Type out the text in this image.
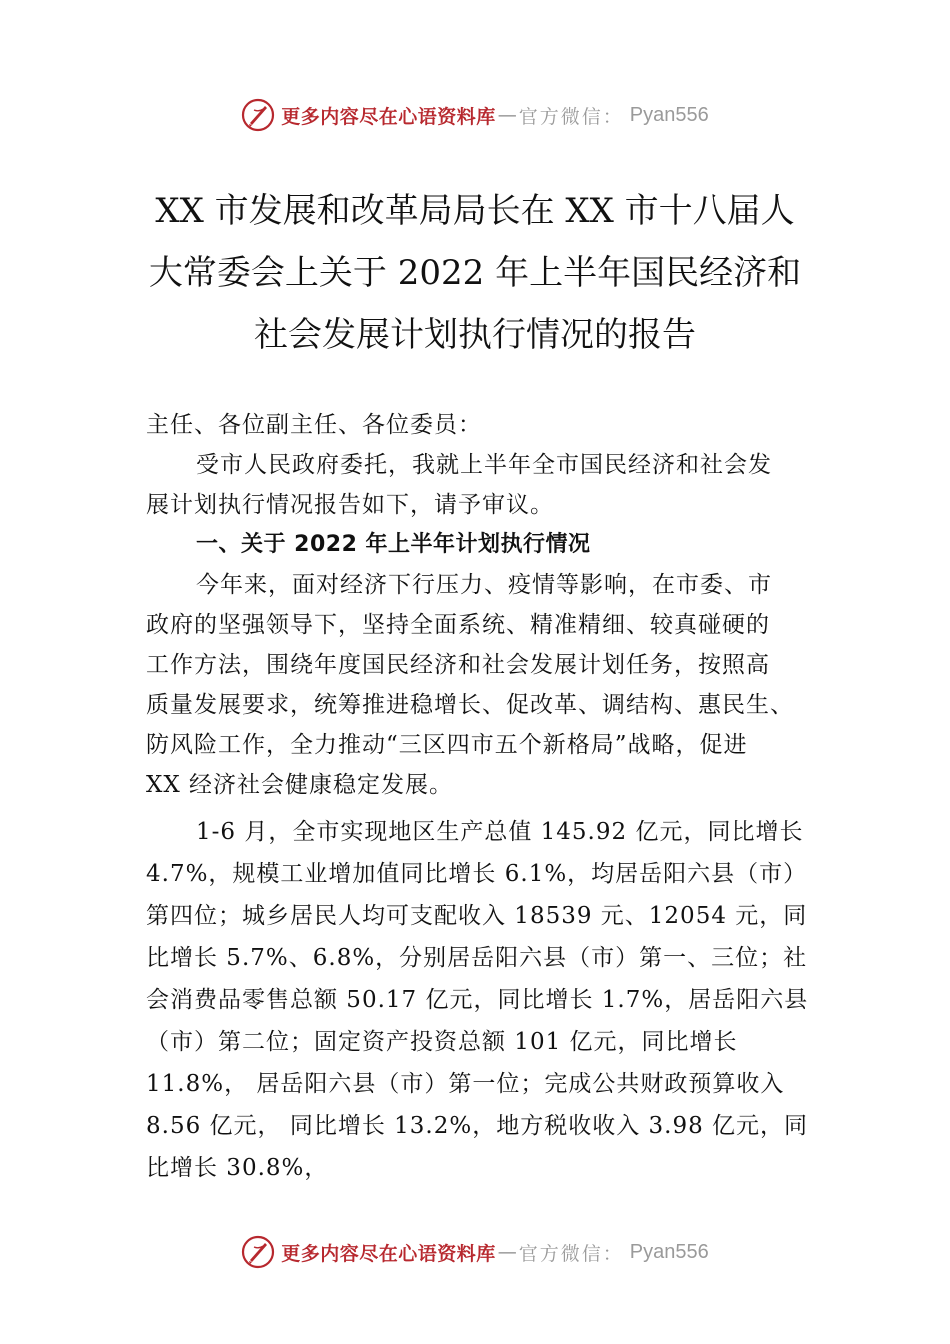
更多内容尽在心语资料库 — 官方微信： Pyan556
XX 市发展和改革局局长在 XX 市十八届人
大常委会上关于 2022 年上半年国民经济和
社会发展计划执行情况的报告
主任、各位副主任、各位委员：
受市人民政府委托，我就上半年全市国民经济和社会发
展计划执行情况报告如下，请予审议。
一、关于 2022 年上半年计划执行情况
今年来，面对经济下行压力、疫情等影响，在市委、市
政府的坚强领导下，坚持全面系统、精准精细、较真碰硬的
工作方法，围绕年度国民经济和社会发展计划任务，按照高
质量发展要求，统筹推进稳增长、促改革、调结构、惠民生、
防风险工作，全力推动“三区四市五个新格局”战略，促进
XX 经济社会健康稳定发展。
1-6 月，全市实现地区生产总值 145.92 亿元，同比增长
4.7%，规模工业增加值同比增长 6.1%，均居岳阳六县（市）
第四位；城乡居民人均可支配收入 18539 元、12054 元，同
比增长 5.7%、6.8%，分别居岳阳六县（市）第一、三位；社
会消费品零售总额 50.17 亿元，同比增长 1.7%，居岳阳六县
（市）第二位；固定资产投资总额 101 亿元，同比增长
11.8%， 居岳阳六县（市）第一位；完成公共财政预算收入
8.56 亿元， 同比增长 13.2%，地方税收收入 3.98 亿元，同
比增长 30.8%，
更多内容尽在心语资料库 — 官方微信： Pyan556
